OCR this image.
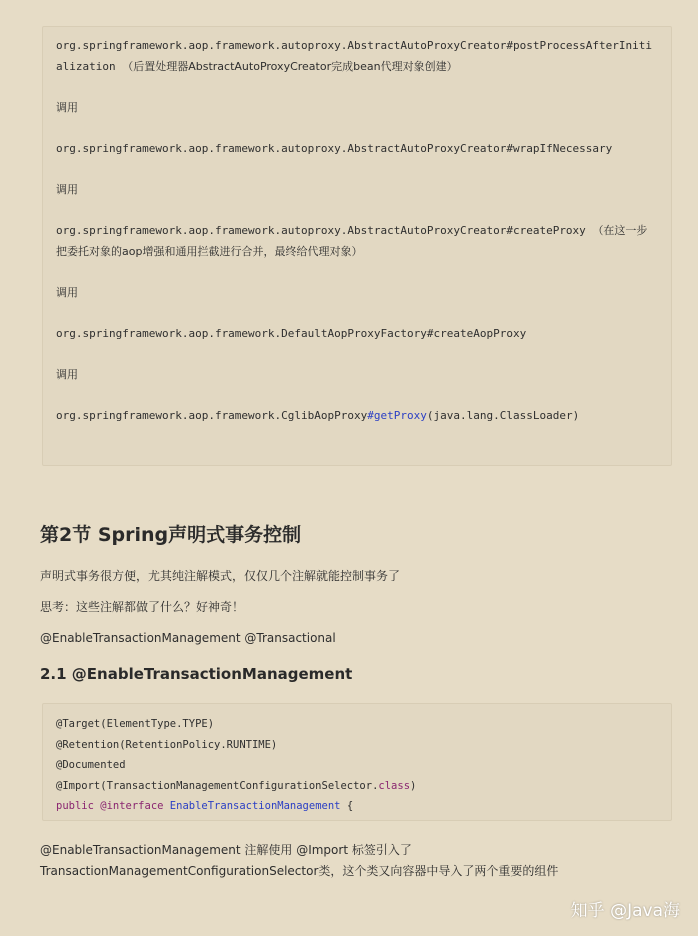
org.springframework.aop.framework.autoproxy.AbstractAutoProxyCreator#postProcessAfterInitialization （后置处理器AbstractAutoProxyCreator完成bean代理对象创建）

调用

org.springframework.aop.framework.autoproxy.AbstractAutoProxyCreator#wrapIfNecessary

调用

org.springframework.aop.framework.autoproxy.AbstractAutoProxyCreator#createProxy （在这一步把委托对象的aop增强和通用拦截进行合并，最终给代理对象）

调用

org.springframework.aop.framework.DefaultAopProxyFactory#createAopProxy

调用

org.springframework.aop.framework.CglibAopProxy#getProxy(java.lang.ClassLoader)

第2节 Spring声明式事务控制

声明式事务很方便，尤其纯注解模式，仅仅几个注解就能控制事务了

思考：这些注解都做了什么？好神奇！

@EnableTransactionManagement @Transactional

2.1 @EnableTransactionManagement

@Target(ElementType.TYPE)

@Retention(RetentionPolicy.RUNTIME)

@Documented

@Import(TransactionManagementConfigurationSelector.class)

public @interface EnableTransactionManagement {

@EnableTransactionManagement 注解使用 @Import 标签引入了

TransactionManagementConfigurationSelector类，这个类又向容器中导入了两个重要的组件

知乎 @Java海
